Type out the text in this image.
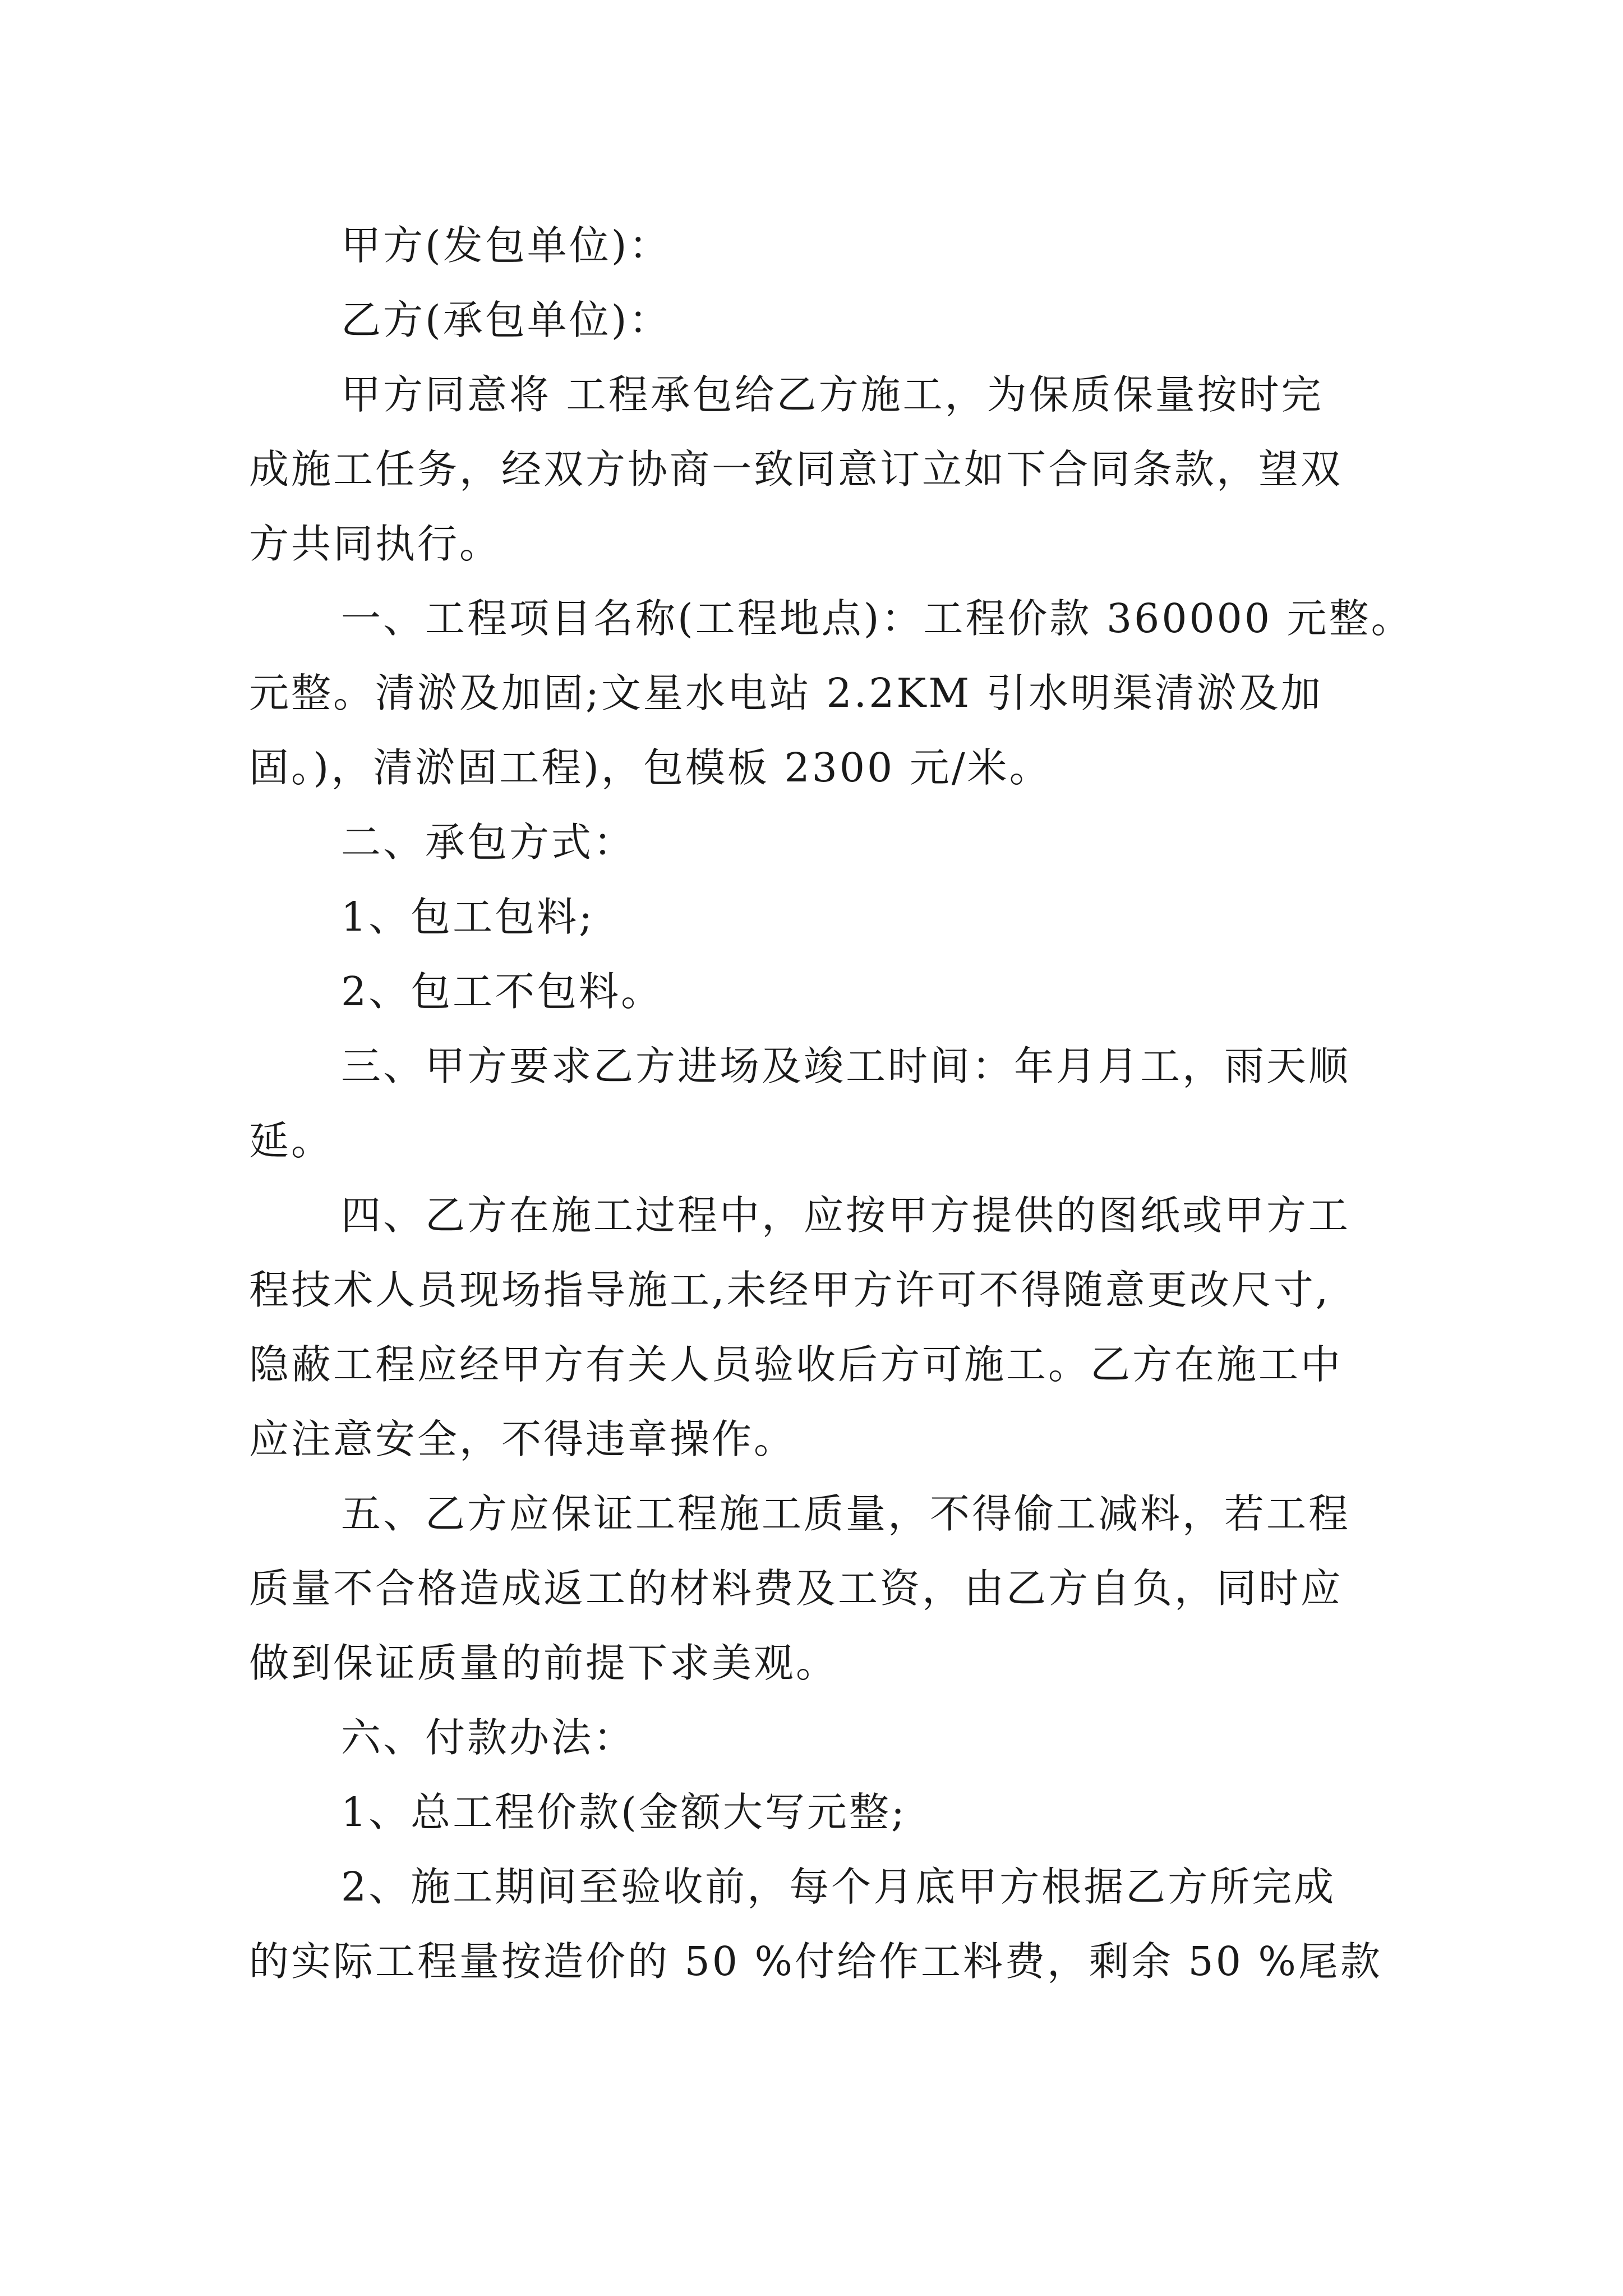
甲方(发包单位)：
乙方(承包单位)：
甲方同意将 工程承包给乙方施工，为保质保量按时完
成施工任务，经双方协商一致同意订立如下合同条款，望双
方共同执行。
一、工程项目名称(工程地点)：工程价款 360000 元整。
元整。清淤及加固;文星水电站 2.2KM 引水明渠清淤及加
固。)，清淤固工程)，包模板 2300 元/米。
二、承包方式：
1、包工包料;
2、包工不包料。
三、甲方要求乙方进场及竣工时间：年月月工，雨天顺
延。
四、乙方在施工过程中，应按甲方提供的图纸或甲方工
程技术人员现场指导施工,未经甲方许可不得随意更改尺寸,
隐蔽工程应经甲方有关人员验收后方可施工。乙方在施工中
应注意安全，不得违章操作。
五、乙方应保证工程施工质量，不得偷工减料，若工程
质量不合格造成返工的材料费及工资，由乙方自负，同时应
做到保证质量的前提下求美观。
六、付款办法：
1、总工程价款(金额大写元整;
2、施工期间至验收前，每个月底甲方根据乙方所完成
的实际工程量按造价的 50 %付给作工料费，剩余 50 %尾款
